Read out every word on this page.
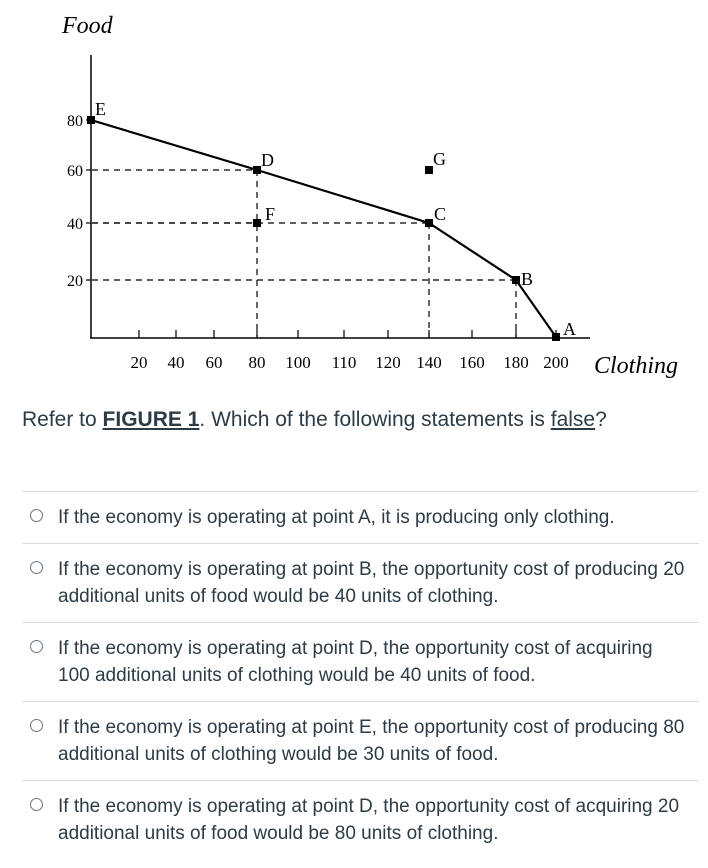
Food
Clothing
E
D
C
B
A
G
F
80
60
40
20
20 40 60 80 100 110 120 140 160 180 200
Refer to FIGURE 1. Which of the following statements is false?
If the economy is operating at point A, it is producing only clothing.
If the economy is operating at point B, the opportunity cost of producing 20 additional units of food would be 40 units of clothing.
If the economy is operating at point D, the opportunity cost of acquiring 100 additional units of clothing would be 40 units of food.
If the economy is operating at point E, the opportunity cost of producing 80 additional units of clothing would be 30 units of food.
If the economy is operating at point D, the opportunity cost of acquiring 20 additional units of food would be 80 units of clothing.
